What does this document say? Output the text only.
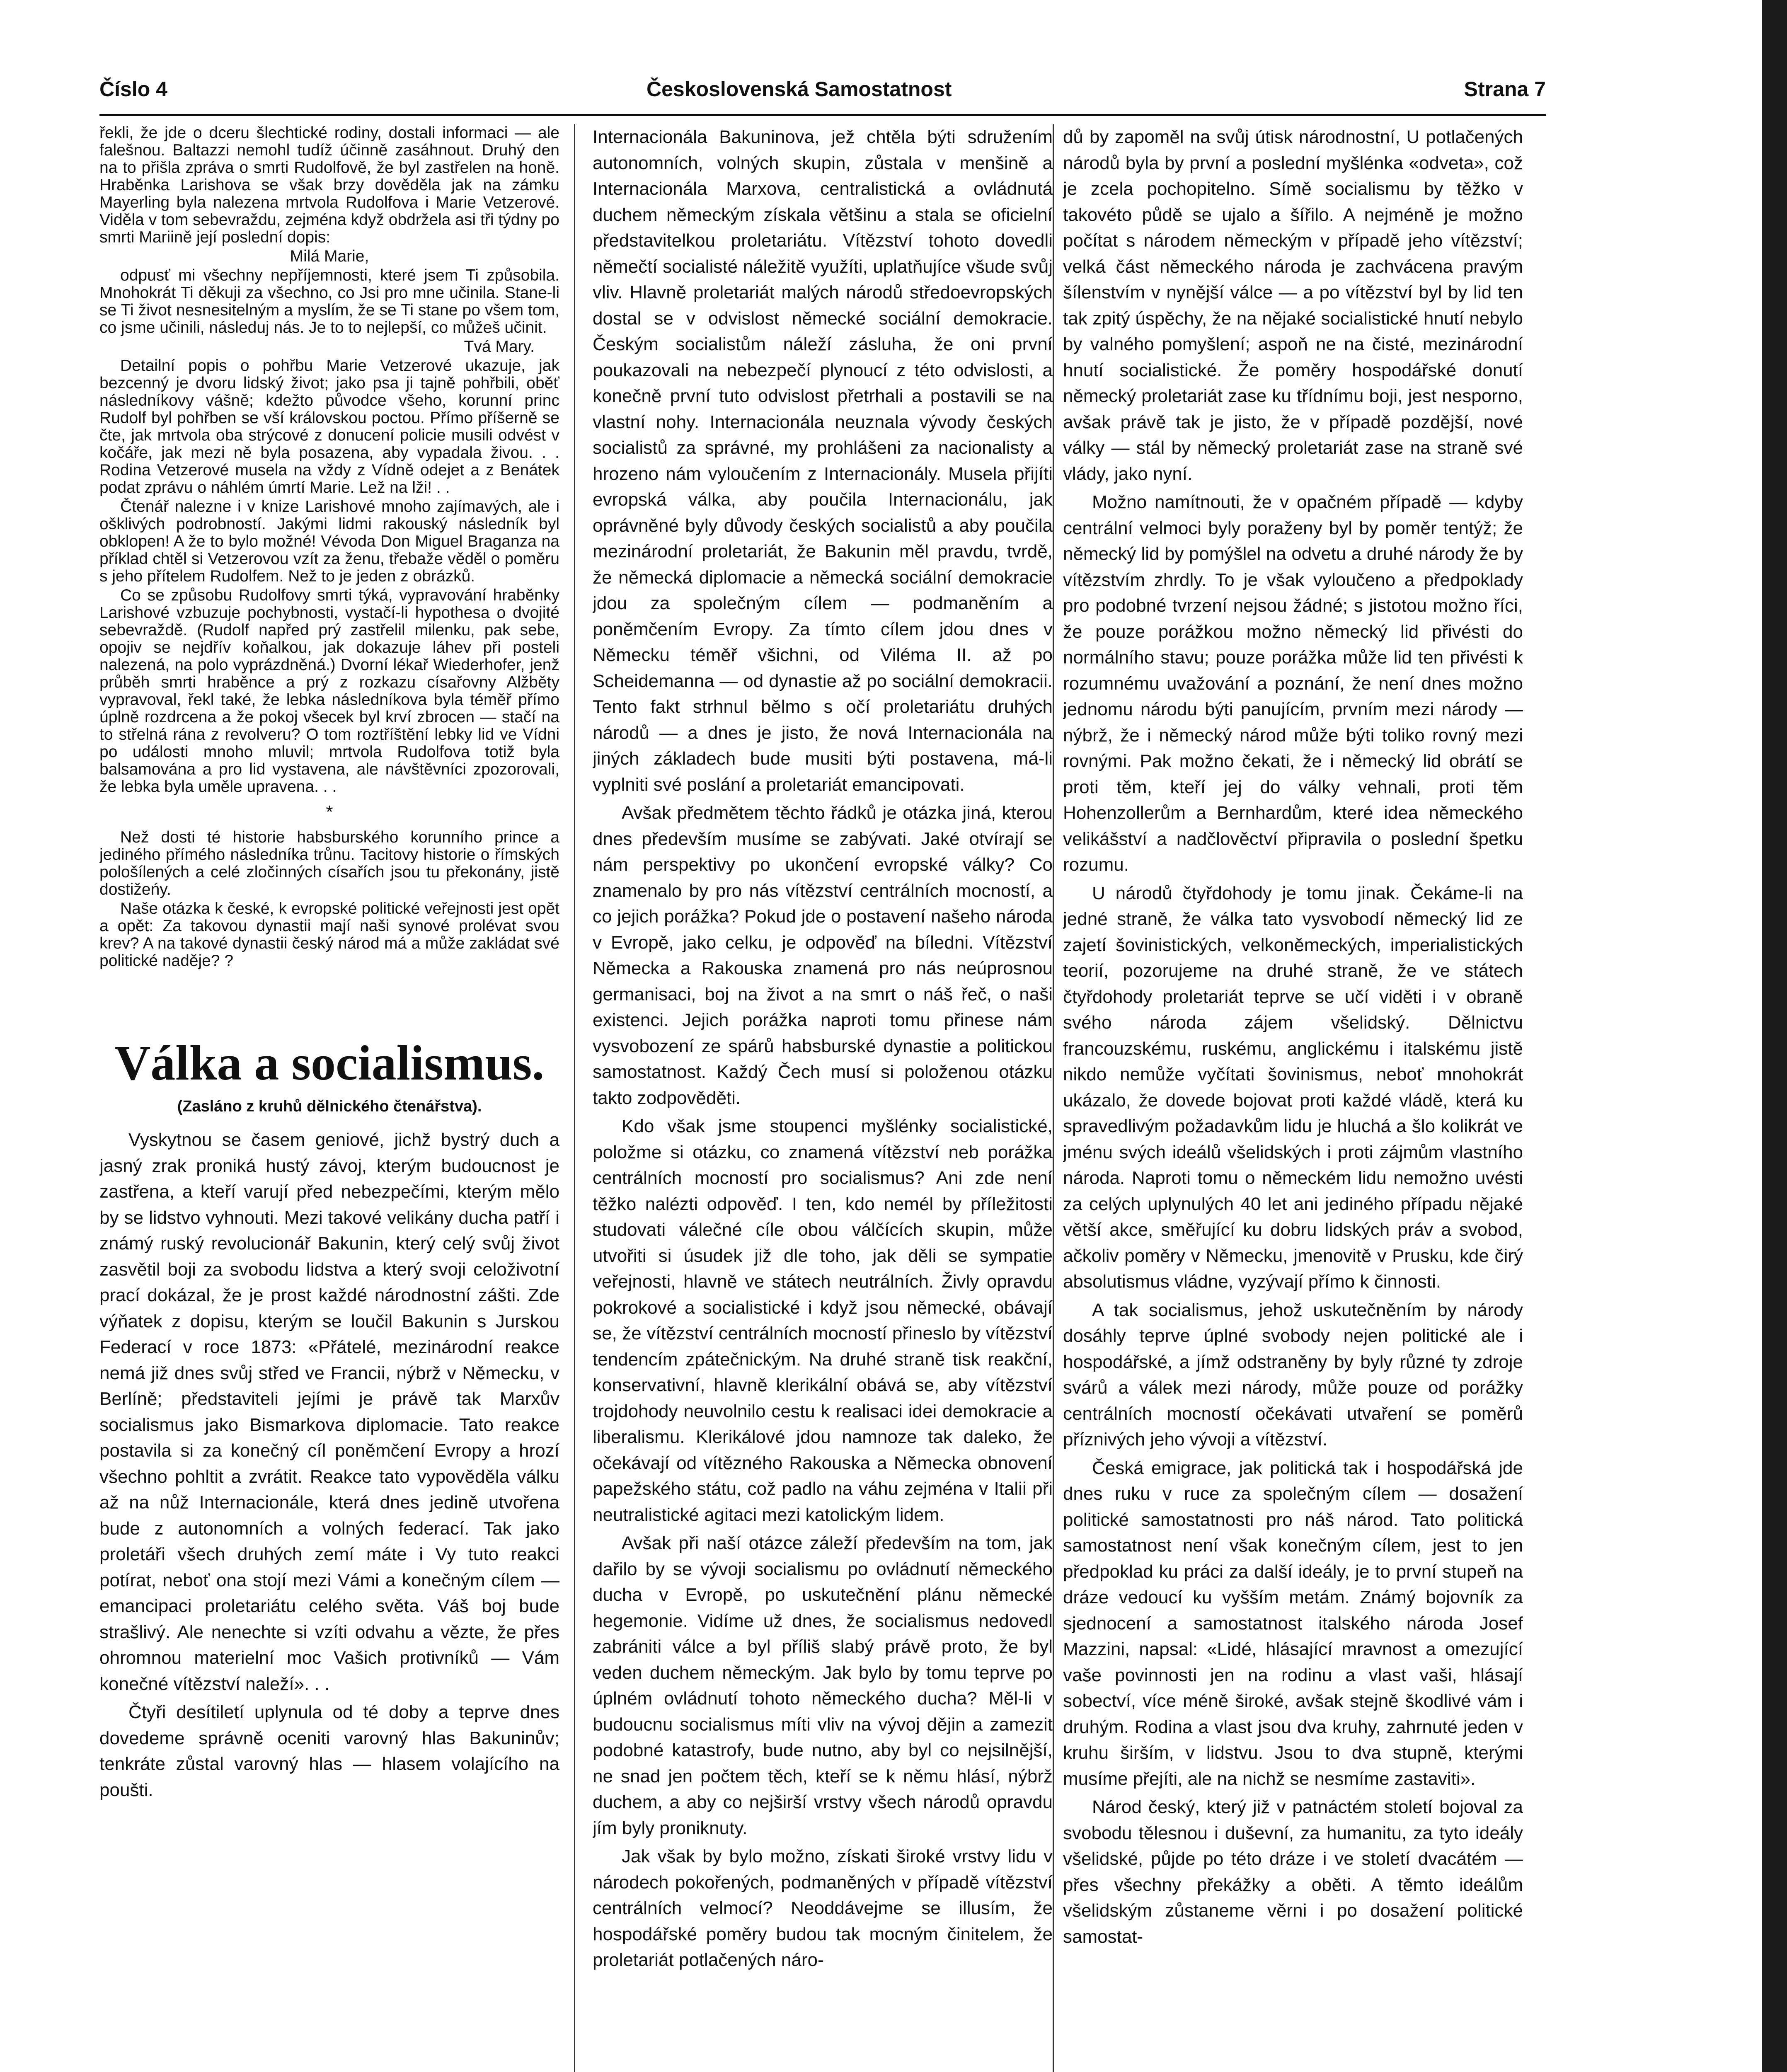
Číslo 4	Československá Samostatnost	Strana 7

řekli, že jde o dceru šlechtické rodiny, dostali informaci — ale falešnou. Baltazzi nemohl tudíž účinně zasáhnout. Druhý den na to přišla zpráva o smrti Rudolfově, že byl zastřelen na honě. Hraběnka Larishova se však brzy dověděla jak na zámku Mayerling byla nalezena mrtvola Rudolfova i Marie Vetzerové. Viděla v tom sebevraždu, zejména když obdržela asi tři týdny po smrti Mariině její poslední dopis:

Milá Marie,

odpusť mi všechny nepříjemnosti, které jsem Ti způsobila. Mnohokrát Ti děkuji za všechno, co Jsi pro mne učinila. Stane-li se Ti život nesnesitelným a myslím, že se Ti stane po všem tom, co jsme učinili, následuj nás. Je to to nejlepší, co můžeš učinit.

Tvá Mary.

Detailní popis o pohřbu Marie Vetzerové ukazuje, jak bezcenný je dvoru lidský život; jako psa ji tajně pohřbili, oběť následníkovy vášně; kdežto původce všeho, korunní princ Rudolf byl pohřben se vší královskou poctou. Přímo příšerně se čte, jak mrtvola oba strýcové z donucení policie musili odvést v kočáře, jak mezi ně byla posazena, aby vypadala živou. . . Rodina Vetzerové musela na vždy z Vídně odejet a z Benátek podat zprávu o náhlém úmrtí Marie. Lež na lži! . .

Čtenář nalezne i v knize Larishové mnoho zajímavých, ale i ošklivých podrobností. Jakými lidmi rakouský následník byl obklopen! A že to bylo možné! Vévoda Don Miguel Braganza na příklad chtěl si Vetzerovou vzít za ženu, třebaže věděl o poměru s jeho přítelem Rudolfem. Než to je jeden z obrázků.

Co se způsobu Rudolfovy smrti týká, vypravování hraběnky Larishové vzbuzuje pochybnosti, vystačí-li hypothesa o dvojité sebevraždě. (Rudolf napřed prý zastřelil milenku, pak sebe, opojiv se nejdřív koňalkou, jak dokazuje láhev při posteli nalezená, na polo vyprázdněná.) Dvorní lékař Wiederhofer, jenž průběh smrti hraběnce a prý z rozkazu císařovny Alžběty vypravoval, řekl také, že lebka následníkova byla téměř přímo úplně rozdrcena a že pokoj všecek byl krví zbrocen — stačí na to střelná rána z revolveru? O tom roztříštění lebky lid ve Vídni po události mnoho mluvil; mrtvola Rudolfova totiž byla balsamována a pro lid vystavena, ale návštěvníci zpozorovali, že lebka byla uměle upravena. . .

*

Než dosti té historie habsburského korunního prince a jediného přímého následníka trůnu. Tacitovy historie o římských pološílených a celé zločinných císařích jsou tu překonány, jistě dostižeńy.

Naše otázka k české, k evropské politické veřejnosti jest opět a opět: Za takovou dynastii mají naši synové prolévat svou krev? A na takové dynastii český národ má a může zakládat své politické naděje? ?

Válka a socialismus.
(Zasláno z kruhů dělnického čtenářstva).

Vyskytnou se časem geniové, jichž bystrý duch a jasný zrak proniká hustý závoj, kterým budoucnost je zastřena, a kteří varují před nebezpečími, kterým mělo by se lidstvo vyhnouti. Mezi takové velikány ducha patří i známý ruský revolucionář Bakunin, který celý svůj život zasvětil boji za svobodu lidstva a který svoji celoživotní prací dokázal, že je prost každé národnostní zášti. Zde výňatek z dopisu, kterým se loučil Bakunin s Jurskou Federací v roce 1873: «Přátelé, mezinárodní reakce nemá již dnes svůj střed ve Francii, nýbrž v Německu, v Berlíně; představiteli jejími je právě tak Marxův socialismus jako Bismarkova diplomacie. Tato reakce postavila si za konečný cíl poněmčení Evropy a hrozí všechno pohltit a zvrátit. Reakce tato vypověděla válku až na nůž Internacionále, která dnes jedině utvořena bude z autonomních a volných federací. Tak jako proletáři všech druhých zemí máte i Vy tuto reakci potírat, neboť ona stojí mezi Vámi a konečným cílem — emancipaci proletariátu celého světa. Váš boj bude strašlivý. Ale nenechte si vzíti odvahu a vězte, že přes ohromnou materielní moc Vašich protivníků — Vám konečné vítězství naleží». . .

Čtyři desítiletí uplynula od té doby a teprve dnes dovedeme správně oceniti varovný hlas Bakuninův; tenkráte zůstal varovný hlas — hlasem volajícího na poušti.

Internacionála Bakuninova, jež chtěla býti sdružením autonomních, volných skupin, zůstala v menšině a Internacionála Marxova, centralistická a ovládnutá duchem německým získala většinu a stala se oficielní představitelkou proletariátu. Vítězství tohoto dovedli němečtí socialisté náležitě využíti, uplatňujíce všude svůj vliv. Hlavně proletariát malých národů středoevropských dostal se v odvislost německé sociální demokracie. Českým socialistům náleží zásluha, že oni první poukazovali na nebezpečí plynoucí z této odvislosti, a konečně první tuto odvislost přetrhali a postavili se na vlastní nohy. Internacionála neuznala vývody českých socialistů za správné, my prohlášeni za nacionalisty a hrozeno nám vyloučením z Internacionály. Musela přijíti evropská válka, aby poučila Internacionálu, jak oprávněné byly důvody českých socialistů a aby poučila mezinárodní proletariát, že Bakunin měl pravdu, tvrdě, že německá diplomacie a německá sociální demokracie jdou za společným cílem — podmaněním a poněmčením Evropy. Za tímto cílem jdou dnes v Německu téměř všichni, od Viléma II. až po Scheidemanna — od dynastie až po sociální demokracii. Tento fakt strhnul bělmo s očí proletariátu druhých národů — a dnes je jisto, že nová Internacionála na jiných základech bude musiti býti postavena, má-li vyplniti své poslání a proletariát emancipovati.

Avšak předmětem těchto řádků je otázka jiná, kterou dnes především musíme se zabývati. Jaké otvírají se nám perspektivy po ukončení evropské války? Co znamenalo by pro nás vítězství centrálních mocností, a co jejich porážka? Pokud jde o postavení našeho národa v Evropě, jako celku, je odpověď na bíledni. Vítězství Německa a Rakouska znamená pro nás neúprosnou germanisaci, boj na život a na smrt o náš řeč, o naši existenci. Jejich porážka naproti tomu přinese nám vysvobození ze spárů habsburské dynastie a politickou samostatnost. Každý Čech musí si položenou otázku takto zodpověděti.

Kdo však jsme stoupenci myšlénky socialistické, položme si otázku, co znamená vítězství neb porážka centrálních mocností pro socialismus? Ani zde není těžko nalézti odpověď. I ten, kdo nemél by příležitosti studovati válečné cíle obou válčících skupin, může utvořiti si úsudek již dle toho, jak děli se sympatie veřejnosti, hlavně ve státech neutrálních. Živly opravdu pokrokové a socialistické i když jsou německé, obávají se, že vítězství centrálních mocností přineslo by vítězství tendencím zpátečnickým. Na druhé straně tisk reakční, konservativní, hlavně klerikální obává se, aby vítězství trojdohody neuvolnilo cestu k realisaci idei demokracie a liberalismu. Klerikálové jdou namnoze tak daleko, že očekávají od vítězného Rakouska a Německa obnovení papežského státu, což padlo na váhu zejména v Italii při neutralistické agitaci mezi katolickým lidem.

Avšak při naší otázce záleží především na tom, jak dařilo by se vývoji socialismu po ovládnutí německého ducha v Evropě, po uskutečnění plánu německé hegemonie. Vidíme už dnes, že socialismus nedovedl zabrániti válce a byl příliš slabý právě proto, že byl veden duchem německým. Jak bylo by tomu teprve po úplném ovládnutí tohoto německého ducha? Měl-li v budoucnu socialismus míti vliv na vývoj dějin a zamezit podobné katastrofy, bude nutno, aby byl co nejsilnější, ne snad jen počtem těch, kteří se k němu hlásí, nýbrž duchem, a aby co nejširší vrstvy všech národů opravdu jím byly proniknuty.

Jak však by bylo možno, získati široké vrstvy lidu v národech pokořených, podmaněných v případě vítězství centrálních velmocí? Neoddávejme se illusím, že hospodářské poměry budou tak mocným činitelem, že proletariát potlačených náro-

dů by zapoměl na svůj útisk národnostní, U potlačených národů byla by první a poslední myšlénka «odveta», což je zcela pochopitelno. Símě socialismu by těžko v takovéto půdě se ujalo a šířilo. A nejméně je možno počítat s národem německým v případě jeho vítězství; velká část německého národa je zachvácena pravým šílenstvím v nynější válce — a po vítězství byl by lid ten tak zpitý úspěchy, že na nějaké socialistické hnutí nebylo by valného pomyšlení; aspoň ne na čisté, mezinárodní hnutí socialistické. Že poměry hospodářské donutí německý proletariát zase ku třídnímu boji, jest nesporno, avšak právě tak je jisto, že v případě pozdější, nové války — stál by německý proletariát zase na straně své vlády, jako nyní.

Možno namítnouti, že v opačném případě — kdyby centrální velmoci byly poraženy byl by poměr tentýž; že německý lid by pomýšlel na odvetu a druhé národy že by vítězstvím zhrdly. To je však vyloučeno a předpoklady pro podobné tvrzení nejsou žádné; s jistotou možno říci, že pouze porážkou možno německý lid přivésti do normálního stavu; pouze porážka může lid ten přivésti k rozumnému uvažování a poznání, že není dnes možno jednomu národu býti panujícím, prvním mezi národy — nýbrž, že i německý národ může býti toliko rovný mezi rovnými. Pak možno čekati, že i německý lid obrátí se proti těm, kteří jej do války vehnali, proti těm Hohenzollerům a Bernhardům, které idea německého velikášství a nadčlověctví připravila o poslední špetku rozumu.

U národů čtyřdohody je tomu jinak. Čekáme-li na jedné straně, že válka tato vysvobodí německý lid ze zajetí šovinistických, velkoněmeckých, imperialistických teorií, pozorujeme na druhé straně, že ve státech čtyřdohody proletariát teprve se učí viděti i v obraně svého národa zájem všelidský. Dělnictvu francouzskému, ruskému, anglickému i italskému jistě nikdo nemůže vyčítati šovinismus, neboť mnohokrát ukázalo, že dovede bojovat proti každé vládě, která ku spravedlivým požadavkům lidu je hluchá a šlo kolikrát ve jménu svých ideálů všelidských i proti zájmům vlastního národa. Naproti tomu o německém lidu nemožno uvésti za celých uplynulých 40 let ani jediného případu nějaké větší akce, směřující ku dobru lidských práv a svobod, ačkoliv poměry v Německu, jmenovitě v Prusku, kde čirý absolutismus vládne, vyzývají přímo k činnosti.

A tak socialismus, jehož uskutečněním by národy dosáhly teprve úplné svobody nejen politické ale i hospodářské, a jímž odstraněny by byly různé ty zdroje svárů a válek mezi národy, může pouze od porážky centrálních mocností očekávati utvaření se poměrů příznivých jeho vývoji a vítězství.

Česká emigrace, jak politická tak i hospodářská jde dnes ruku v ruce za společným cílem — dosažení politické samostatnosti pro náš národ. Tato politická samostatnost není však konečným cílem, jest to jen předpoklad ku práci za další ideály, je to první stupeň na dráze vedoucí ku vyšším metám. Známý bojovník za sjednocení a samostatnost italského národa Josef Mazzini, napsal: «Lidé, hlásající mravnost a omezující vaše povinnosti jen na rodinu a vlast vaši, hlásají sobectví, více méně široké, avšak stejně škodlivé vám i druhým. Rodina a vlast jsou dva kruhy, zahrnuté jeden v kruhu širším, v lidstvu. Jsou to dva stupně, kterými musíme přejíti, ale na nichž se nesmíme zastaviti».

Národ český, který již v patnáctém století bojoval za svobodu tělesnou i duševní, za humanitu, za tyto ideály všelidské, půjde po této dráze i ve století dvacátém — přes všechny překážky a oběti. A těmto ideálům všelidským zůstaneme věrni i po dosažení politické samostat-
